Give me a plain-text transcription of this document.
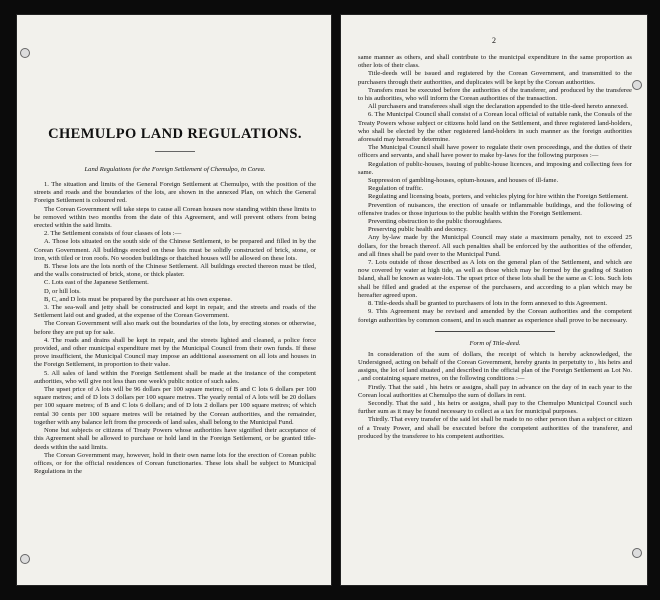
CHEMULPO LAND REGULATIONS.

Land Regulations for the Foreign Settlement of Chemulpo, in Corea.

1. The situation and limits of the General Foreign Settlement at Chemulpo, with the position of the streets and roads and the boundaries of the lots, are shown in the annexed Plan, on which the General Foreign Settlement is coloured red.

The Corean Government will take steps to cause all Corean houses now standing within these limits to be removed within two months from the date of this Agreement, and will prevent others from being erected within the said limits.

2. The Settlement consists of four classes of lots :—

A. Those lots situated on the south side of the Chinese Settlement, to be prepared and filled in by the Corean Government. All buildings erected on these lots must be solidly constructed of brick, stone, or iron, with tiled or iron roofs. No wooden buildings or thatched houses will be allowed on these lots.

B. These lots are the lots north of the Chinese Settlement. All buildings erected thereon must be tiled, and the walls constructed of brick, stone, or thick plaster.

C. Lots east of the Japanese Settlement.

D, or hill lots.

B, C, and D lots must be prepared by the purchaser at his own expense.

3. The sea-wall and jetty shall be constructed and kept in repair, and the streets and roads of the Settlement laid out and graded, at the expense of the Corean Government.

The Corean Government will also mark out the boundaries of the lots, by erecting stones or otherwise, before they are put up for sale.

4. The roads and drains shall be kept in repair, and the streets lighted and cleaned, a police force provided, and other municipal expenditure met by the Municipal Council from their own funds. If these prove insufficient, the Municipal Council may impose an additional assessment on all lots and houses in the Foreign Settlement, in proportion to their value.

5. All sales of land within the Foreign Settlement shall be made at the instance of the competent authorities, who will give not less than one week's public notice of such sales.

The upset price of A lots will be 96 dollars per 100 square metres; of B and C lots 6 dollars per 100 square metres; and of D lots 3 dollars per 100 square metres. The yearly rental of A lots will be 20 dollars per 100 square metres; of B and C lots 6 dollars; and of D lots 2 dollars per 100 square metres; of which rental 30 cents per 100 square metres will be retained by the Corean authorities, and the remainder, together with any balance left from the proceeds of land sales, shall belong to the Municipal Fund.

None but subjects or citizens of Treaty Powers whose authorities have signified their acceptance of this Agreement shall be allowed to purchase or hold land in the Foreign Settlement, or be granted title-deeds within the said limits.

The Corean Government may, however, hold in their own name lots for the erection of Corean public offices, or for the official residences of Corean functionaries. These lots shall be subject to Municipal Regulations in the

2

same manner as others, and shall contribute to the municipal expenditure in the same proportion as other lots of their class.

Title-deeds will be issued and registered by the Corean Government, and transmitted to the purchasers through their authorities, and duplicates will be kept by the Corean authorities.

Transfers must be executed before the authorities of the transferer, and produced by the transferee to his authorities, who will inform the Corean authorities of the transaction.

All purchasers and transferees shall sign the declaration appended to the title-deed hereto annexed.

6. The Municipal Council shall consist of a Corean local official of suitable rank, the Consuls of the Treaty Powers whose subject or citizens hold land on the Settlement, and three registered land-holders, who shall be elected by the other registered land-holders in such manner as the foreign authorities aforesaid may hereafter determine.

The Municipal Council shall have power to regulate their own proceedings, and the duties of their officers and servants, and shall have power to make by-laws for the following purposes :—

Regulation of public-houses, issuing of public-house licences, and imposing and collecting fees for same.

Suppression of gambling-houses, opium-houses, and houses of ill-fame.

Regulation of traffic.

Regulating and licensing boats, porters, and vehicles plying for hire within the Foreign Settlement.

Prevention of nuisances, the erection of unsafe or inflammable buildings, and the following of offensive trades or those injurious to the public health within the Foreign Settlement.

Preventing obstruction to the public thoroughfares.

Preserving public health and decency.

Any by-law made by the Municipal Council may state a maximum penalty, not to exceed 25 dollars, for the breach thereof. All such penalties shall be enforced by the authorities of the offender, and all fines shall be paid over to the Municipal Fund.

7. Lots outside of those described as A lots on the general plan of the Settlement, and which are now covered by water at high tide, as well as those which may be formed by the grading of Station Island, shall be known as water-lots. The upset price of these lots shall be the same as C lots. Such lots shall be filled and graded at the expense of the purchasers, and according to a plan which may be hereafter agreed upon.

8. Title-deeds shall be granted to purchasers of lots in the form annexed to this Agreement.

9. This Agreement may be revised and amended by the Corean authorities and the competent foreign authorities by common consent, and in such manner as experience shall prove to be necessary.

Form of Title-deed.

In consideration of the sum of dollars, the receipt of which is hereby acknowledged, the Undersigned, acting on behalf of the Corean Government, hereby grants in perpetuity to , his heirs and assigns, the lot of land situated , and described in the official plan of the Foreign Settlement as Lot No. , and containing square metres, on the following conditions :—

Firstly. That the said , his heirs or assigns, shall pay in advance on the day of in each year to the Corean local authorities at Chemulpo the sum of dollars in rent.

Secondly. That the said , his heirs or assigns, shall pay to the Chemulpo Municipal Council such further sum as it may be found necessary to collect as a tax for municipal purposes.

Thirdly. That every transfer of the said lot shall be made to no other person than a subject or citizen of a Treaty Power, and shall be executed before the competent authorities of the transferer, and produced by the transferee to his competent authorities.
